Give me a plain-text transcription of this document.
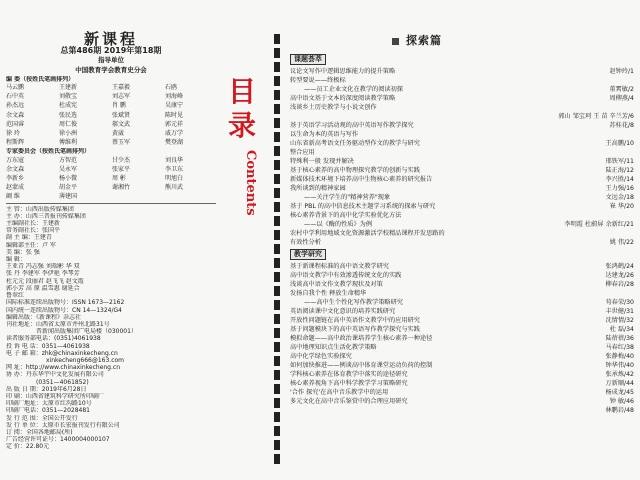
新课程
总第486期 2019年第18期
指导单位
中国教育学会教育史分会
编 委（按姓氏笔画排列）
马云鹏	王建新	王嘉毅	石鸥
石中英	刘敬宝	刘志军	刘海峰
孙杰远	杜成宪	肖 鹏	吴康宁
余文森	张民选	张斌贤	陈时见
范国睿	周仁俊	郝文武	郭元祥
徐 玲	徐小洲	黄崴	戚万学
程斯辉	傅维利	蔡玉军	樊登湖
专家委员会（按姓氏笔画排列）
万东寇	方智范	甘少杰	刘良华
余文森	吴永军	张家平	李卫东
李新乡	杨小微	周 彬	明旭白
赵蒙成	胡金平	谢湘竹	熊川武
阚 维	薄建国
主 管：山西出版传媒集团
主 办：山西三晋报刊传媒集团
主编副社长：王建新
常务副社长：张国平
副 主 编：王建青
编辑部主任：卢 军
美 编：张 强
编 辑：
王亚青 冯志强 刘瑞彬 华 双
张 丹 李建军 李伊艳 李琴芳
杜元元 段丽君 赵飞飞 赵文霞
郭小芳 高 原 温雪惠 谢延合
鲁翠红
国际标准连续出版物号：ISSN 1673—2162
国内统一连续出版物号：CN 14—1324/G4
编辑出版：《新课程》杂志社
刊社地址：山西省太原市并州北路31号
晋新闻出版集团广电局楼（030001）
读者服务部电话：(0351)4061938
投 诉 电 话：0351—4061938
电 子 邮 箱：zhk@chinaxinkecheng.cn
xinkecheng666@163.com
网 址：http://www.chinaxinkecheng.cn
协 办：丹东华宇中文化发展有限公司
(0351—4061852)
出 版 日 期：2019年6月28日
印 刷：山西省建筑科学研究所印刷厂
印刷厂地址：太原市红沟路10号
印刷厂电话：0351—2028481
发 行 范 围：全国公开发行
发 行 单 位：太原市长宏报刊发行有限公司
订 阅：全国各地邮局(所)
广告经营许可证号：1400004000107
定 价：22.80元
目
录
Contents
探索篇
课题荟萃
议论文写作中逻辑思维能力的提升策略	赵钟玲/1
转型要说——终极标
——员工企业文化在教学的阅读初探	董霄敏/2
高中语文基于文本的深度阅读教学策略	周柳燕/4
浅谈乡土历史教学与小说文创作
郭山 邹宝珂 王 苗 辛兰芳/6
基于英语学习活动观的高中英语写作教学探究	苏桂花/8
以生命为本的英语与写作
山东省新高考语文任务驱动型作文的教学与研究	王高鹏/10
整合应用
特殊利一般 发现并解决	邢铁军/11
基于核心素养的高中物理探究教学的创新与实践	陆正海/12
新媒体技术环境下培养高中生物核心素养的研究报告	李兴胜/14
我所谈到的精神家园	王力强/16
——关注学生的"精神营养"现象	文远金/18
基于 PBL 的高中信息技术主题学习系统的探索与研究	崔 华/20
核心素养背景下的高中化学实验优化方法
——以《酶的性质》为例	李明霞 杜蔚屏 余新红/21
农村中学利用地域文化资源激活学校精品课程开发思路的
有效性分析	姚 伟/22
教学研究
基于新课程标准的高中语文教学研究	张鸿鹤/24
高中语文教学中有效渗透传统文化的实践	达建龙/26
浅谈高中语文作文教学现状及对策	柳春岩/28
发扬自我个性 释放生命精华
——高中生个性化写作教学策略研究	苟春荣/30
英语阅读课中文化意识的培养实践研究	丰世健/31
开放性问题链在高中英语作文教学中的应用研究	沈情情/32
基于问题模块下的高中英语写作教学探究与实践	杜 磊/34
模拟命题——高中政治课培养学生核心素养一种途径	陆蓓蓓/36
高中地理知识点生活化教学策略	马春红/38
高中化学绿色实验探究	张静梅/40
如何加快推进——例谈高中体育课堂运动负荷的控制	钟华伟/40
学科核心素养在体育教学中落实的途径研究	张承炼/42
核心素养视角下高中科学教学学习策略研究	万新顺/44
'合作 探究'在高中音乐教学中的运用	杨成龙/45
多元文化在高中音乐鉴赏中的合理应用研究	钟 敏/46
林鹏岩/48
